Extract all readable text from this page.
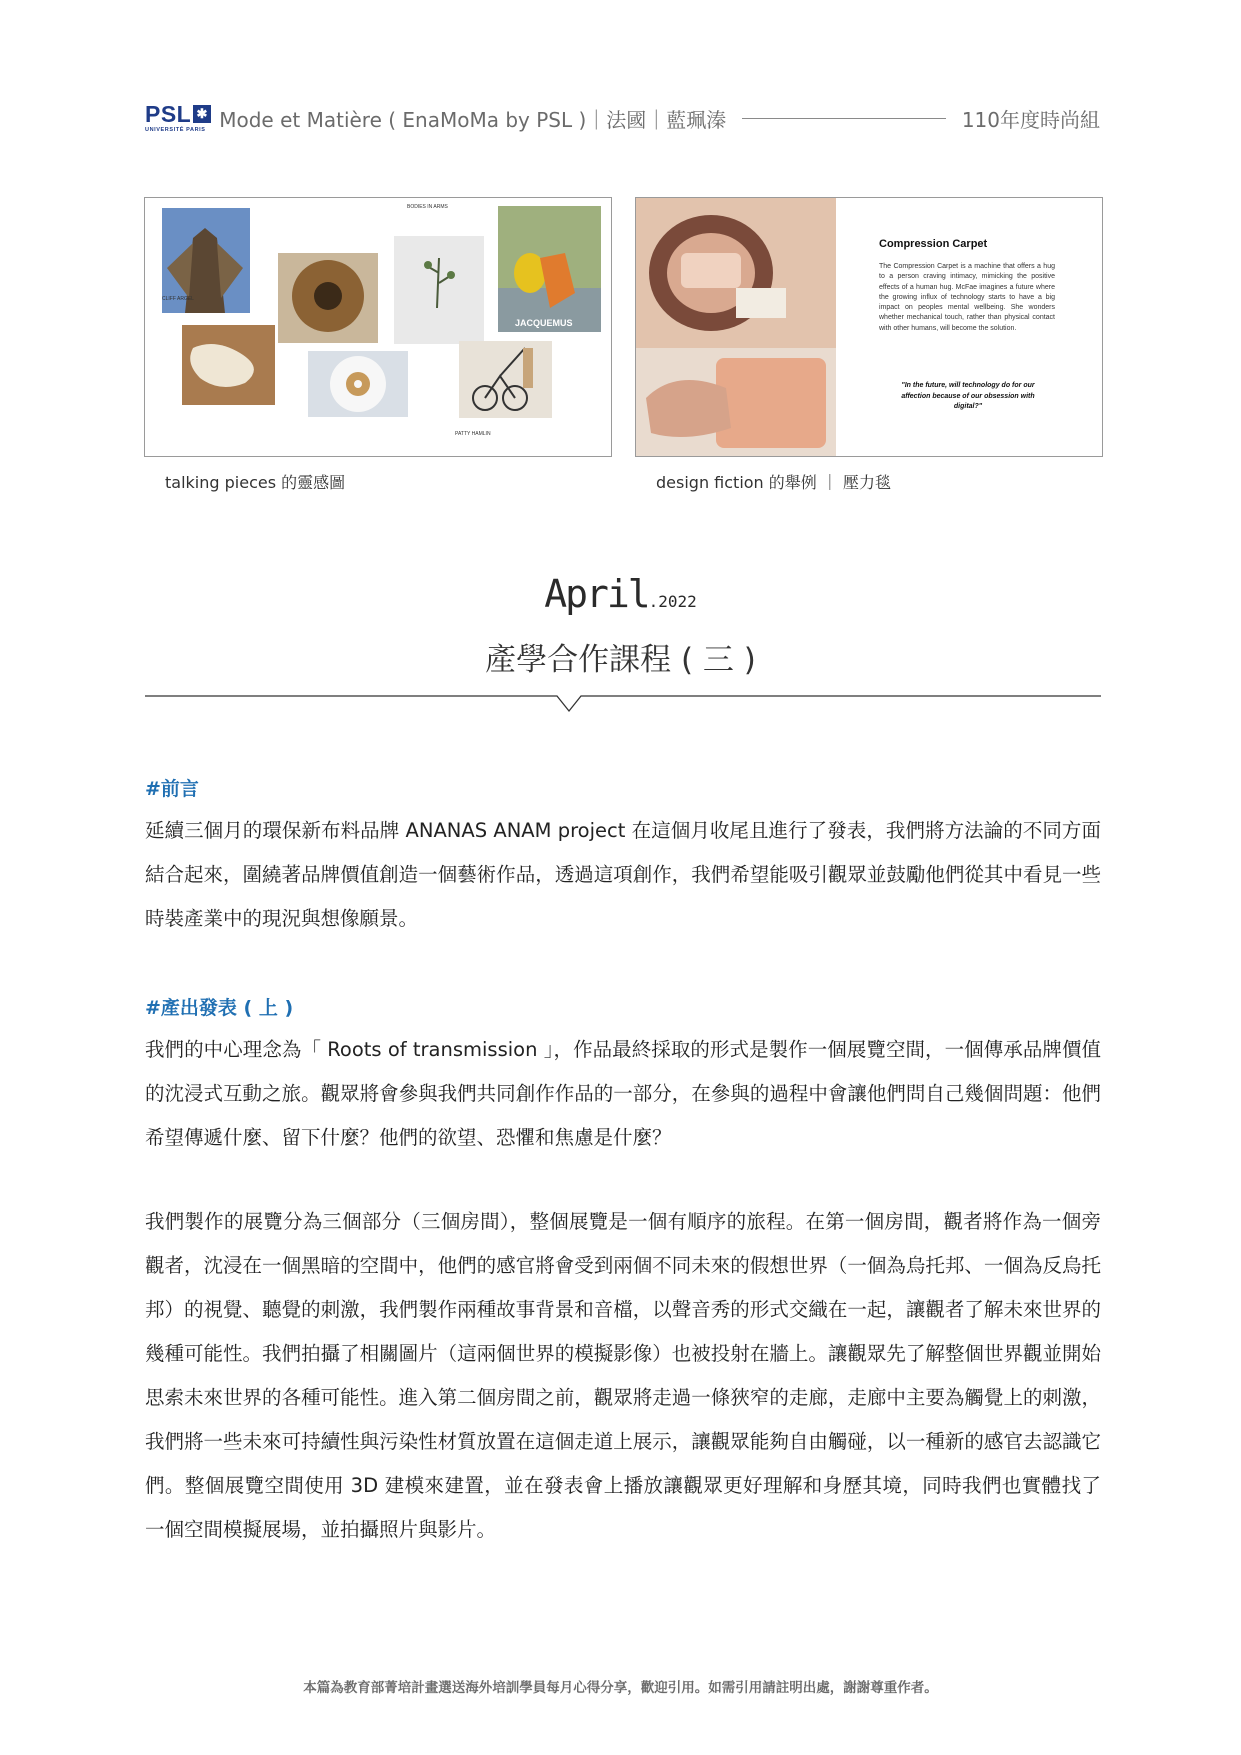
PSL ✱
UNIVERSITÉ PARIS Mode et Matière ( EnaMoMa by PSL )｜法國｜藍珮溱	110年度時尚組
BODIES IN ARMS
CLIFF ARGEL
JACQUEMUS
PATTY HAMLIN
talking pieces 的靈感圖
Compression Carpet
The Compression Carpet is a machine that offers a hug to a person craving intimacy, mimicking the positive effects of a human hug. McFae imagines a future where the growing influx of technology starts to have a big impact on peoples mental wellbeing. She wonders whether mechanical touch, rather than physical contact with other humans, will become the solution.
"In the future, will technology do for our affection because of our obsession with digital?"
design fiction 的舉例 ｜ 壓力毯
April.2022
產學合作課程 ( 三 )
#前言

延續三個月的環保新布料品牌 ANANAS ANAM project 在這個月收尾且進行了發表，我們將方法論的不同方面結合起來，圍繞著品牌價值創造一個藝術作品，透過這項創作，我們希望能吸引觀眾並鼓勵他們從其中看見一些時裝產業中的現況與想像願景。

#產出發表 ( 上 )

我們的中心理念為「 Roots of transmission 」，作品最終採取的形式是製作一個展覽空間，一個傳承品牌價值的沈浸式互動之旅。觀眾將會參與我們共同創作作品的一部分，在參與的過程中會讓他們問自己幾個問題：他們希望傳遞什麼、留下什麼？他們的欲望、恐懼和焦慮是什麼？

我們製作的展覽分為三個部分（三個房間），整個展覽是一個有順序的旅程。在第一個房間，觀者將作為一個旁觀者，沈浸在一個黑暗的空間中，他們的感官將會受到兩個不同未來的假想世界（一個為烏托邦、一個為反烏托邦）的視覺、聽覺的刺激，我們製作兩種故事背景和音檔，以聲音秀的形式交織在一起，讓觀者了解未來世界的幾種可能性。我們拍攝了相關圖片（這兩個世界的模擬影像）也被投射在牆上。讓觀眾先了解整個世界觀並開始思索未來世界的各種可能性。進入第二個房間之前，觀眾將走過一條狹窄的走廊，走廊中主要為觸覺上的刺激，我們將一些未來可持續性與污染性材質放置在這個走道上展示，讓觀眾能夠自由觸碰，以一種新的感官去認識它們。整個展覽空間使用 3D 建模來建置，並在發表會上播放讓觀眾更好理解和身歷其境，同時我們也實體找了一個空間模擬展場，並拍攝照片與影片。

本篇為教育部菁培計畫選送海外培訓學員每月心得分享，歡迎引用。如需引用請註明出處，謝謝尊重作者。
